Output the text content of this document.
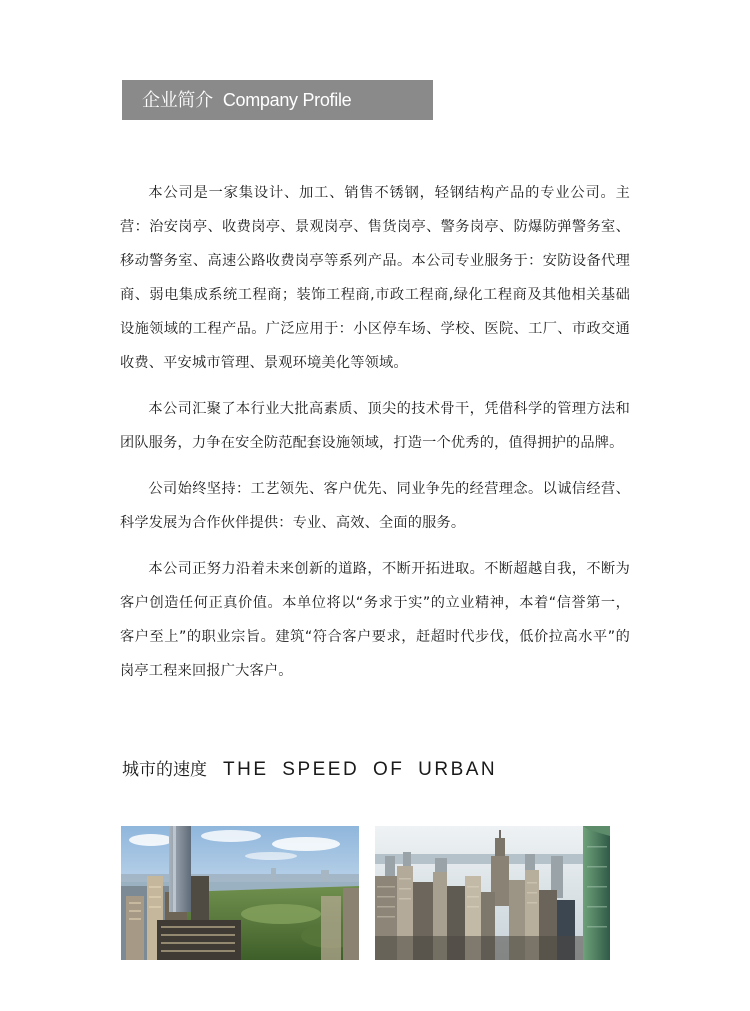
企业简介 Company Profile

本公司是一家集设计、加工、销售不锈钢，轻钢结构产品的专业公司。主营：治安岗亭、收费岗亭、景观岗亭、售货岗亭、警务岗亭、防爆防弹警务室、移动警务室、高速公路收费岗亭等系列产品。本公司专业服务于：安防设备代理商、弱电集成系统工程商；装饰工程商,市政工程商,绿化工程商及其他相关基础设施领域的工程产品。广泛应用于：小区停车场、学校、医院、工厂、市政交通收费、平安城市管理、景观环境美化等领域。

本公司汇聚了本行业大批高素质、顶尖的技术骨干，凭借科学的管理方法和团队服务，力争在安全防范配套设施领域，打造一个优秀的，值得拥护的品牌。

公司始终坚持：工艺领先、客户优先、同业争先的经营理念。以诚信经营、科学发展为合作伙伴提供：专业、高效、全面的服务。

本公司正努力沿着未来创新的道路，不断开拓进取。不断超越自我，不断为客户创造任何正真价值。本单位将以“务求于实”的立业精神，本着“信誉第一，客户至上”的职业宗旨。建筑“符合客户要求，赶超时代步伐，低价拉高水平”的岗亭工程来回报广大客户。

城市的速度 THE SPEED OF URBAN
